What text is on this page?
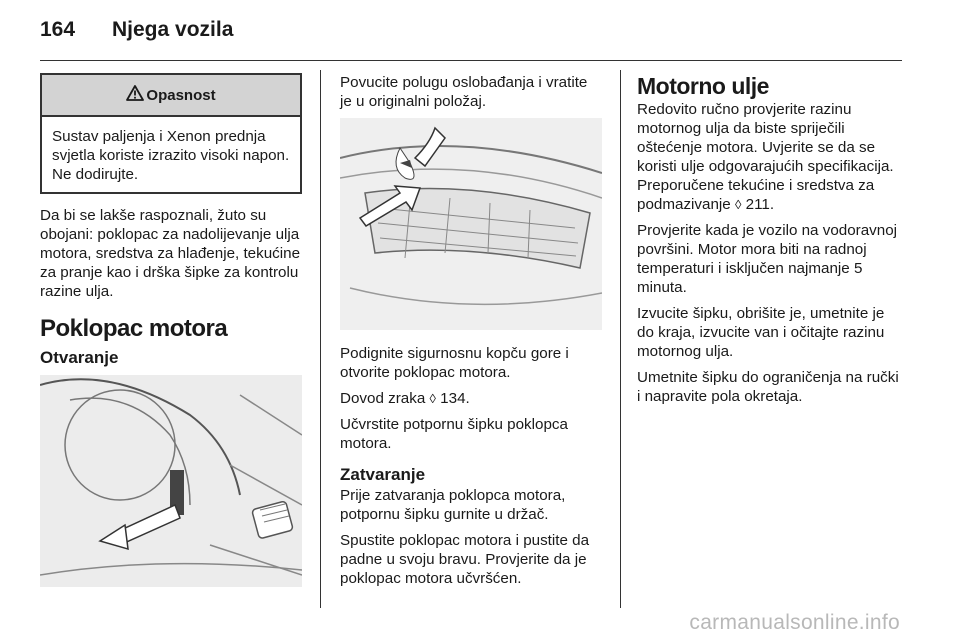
164 Njega vozila
Opasnost
Sustav paljenja i Xenon prednja svjetla koriste izrazito visoki napon. Ne dodirujte.

Da bi se lakše raspoznali, žuto su obojani: poklopac za nadolijevanje ulja motora, sredstva za hlađenje, tekućine za pranje kao i drška šipke za kontrolu razine ulja.

Poklopac motora
Otvaranje

Povucite polugu oslobađanja i vratite je u originalni položaj.

Podignite sigurnosnu kopču gore i otvorite poklopac motora.

Dovod zraka ◊ 134.

Učvrstite potpornu šipku poklopca motora.

Zatvaranje

Prije zatvaranja poklopca motora, potpornu šipku gurnite u držač.

Spustite poklopac motora i pustite da padne u svoju bravu. Provjerite da je poklopac motora učvršćen.

Motorno ulje

Redovito ručno provjerite razinu motornog ulja da biste spriječili oštećenje motora. Uvjerite se da se koristi ulje odgovarajućih specifikacija. Preporučene tekućine i sredstva za podmazivanje ◊ 211.

Provjerite kada je vozilo na vodoravnoj površini. Motor mora biti na radnoj temperaturi i isključen najmanje 5 minuta.

Izvucite šipku, obrišite je, umetnite je do kraja, izvucite van i očitajte razinu motornog ulja.

Umetnite šipku do ograničenja na ručki i napravite pola okretaja.

carmanualsonline.info
